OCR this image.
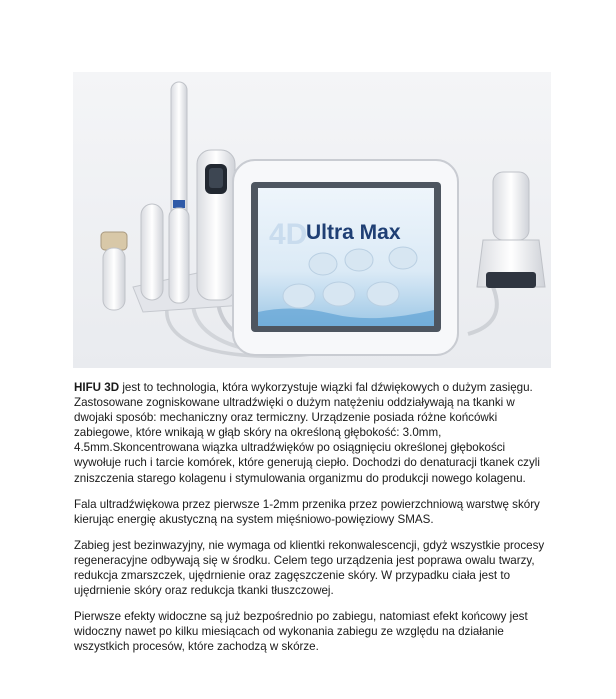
4D
Ultra Max

HIFU 3D jest to technologia, która wykorzystuje wiązki fal dźwiękowych o dużym zasięgu. Zastosowane zogniskowane ultradźwięki o dużym natężeniu oddziaływają na tkanki w dwojaki sposób: mechaniczny oraz termiczny. Urządzenie posiada różne końcówki zabiegowe, które wnikają w głąb skóry na określoną głębokość: 3.0mm, 4.5mm.Skoncentrowana wiązka ultradźwięków po osiągnięciu określonej głębokości wywołuje ruch i tarcie komórek, które generują ciepło. Dochodzi do denaturacji tkanek czyli zniszczenia starego kolagenu i stymulowania organizmu do produkcji nowego kolagenu.

Fala ultradźwiękowa przez pierwsze 1-2mm przenika przez powierzchniową warstwę skóry kierując energię akustyczną na system mięśniowo-powięziowy SMAS.

Zabieg jest bezinwazyjny, nie wymaga od klientki rekonwalescencji, gdyż wszystkie procesy regeneracyjne odbywają się w środku. Celem tego urządzenia jest poprawa owalu twarzy, redukcja zmarszczek, ujędrnienie oraz zagęszczenie skóry. W przypadku ciała jest to ujędrnienie skóry oraz redukcja tkanki tłuszczowej.

Pierwsze efekty widoczne są już bezpośrednio po zabiegu, natomiast efekt końcowy jest widoczny nawet po kilku miesiącach od wykonania zabiegu ze względu na działanie wszystkich procesów, które zachodzą w skórze.
